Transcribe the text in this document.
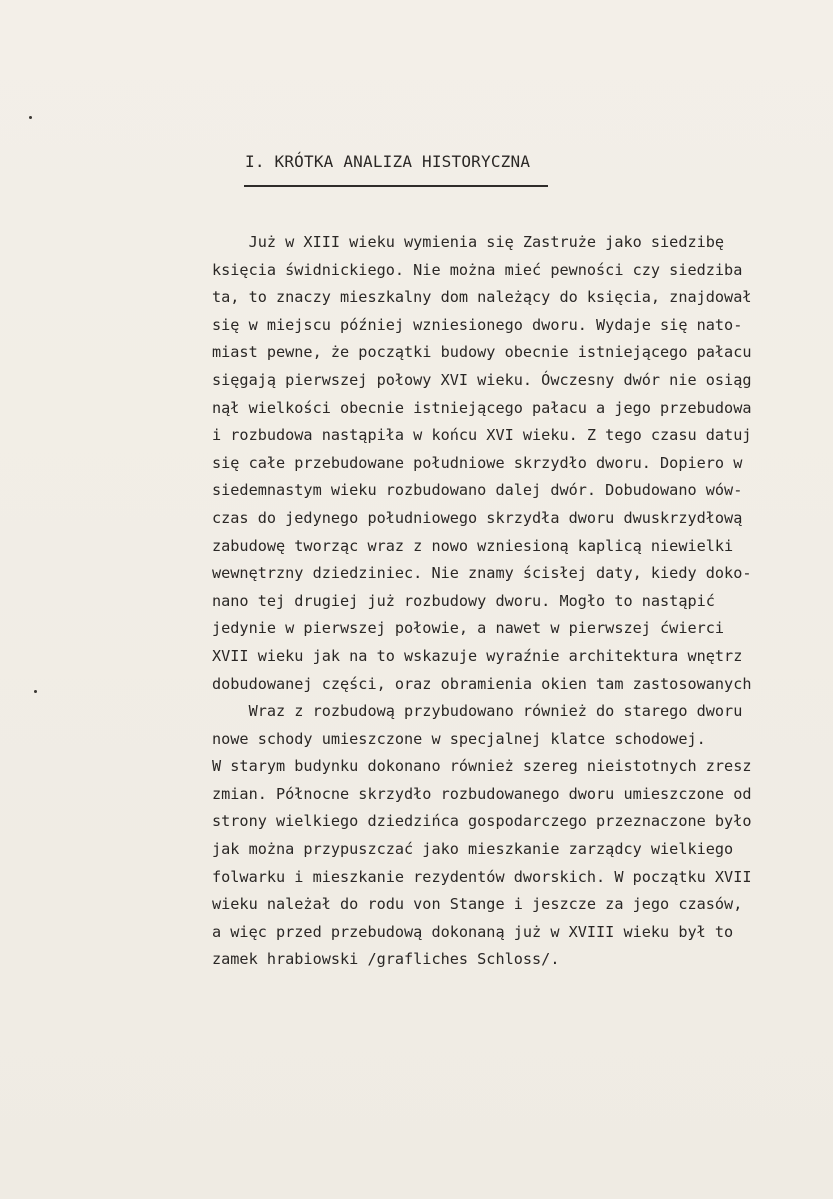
I. KRÓTKA ANALIZA HISTORYCZNA
Już w XIII wieku wymienia się Zastruże jako siedzibę
księcia świdnickiego. Nie można mieć pewności czy siedziba
ta, to znaczy mieszkalny dom należący do księcia, znajdował
się w miejscu później wzniesionego dworu. Wydaje się nato-
miast pewne, że początki budowy obecnie istniejącego pałacu
sięgają pierwszej połowy XVI wieku. Ówczesny dwór nie osiąg
nął wielkości obecnie istniejącego pałacu a jego przebudowa
i rozbudowa nastąpiła w końcu XVI wieku. Z tego czasu datuj
się całe przebudowane południowe skrzydło dworu. Dopiero w
siedemnastym wieku rozbudowano dalej dwór. Dobudowano wów-
czas do jedynego południowego skrzydła dworu dwuskrzydłową
zabudowę tworząc wraz z nowo wzniesioną kaplicą niewielki
wewnętrzny dziedziniec. Nie znamy ścisłej daty, kiedy doko-
nano tej drugiej już rozbudowy dworu. Mogło to nastąpić
jedynie w pierwszej połowie, a nawet w pierwszej ćwierci
XVII wieku jak na to wskazuje wyraźnie architektura wnętrz
dobudowanej części, oraz obramienia okien tam zastosowanych
Wraz z rozbudową przybudowano również do starego dworu
nowe schody umieszczone w specjalnej klatce schodowej.
W starym budynku dokonano również szereg nieistotnych zresz
zmian. Północne skrzydło rozbudowanego dworu umieszczone od
strony wielkiego dziedzińca gospodarczego przeznaczone było
jak można przypuszczać jako mieszkanie zarządcy wielkiego
folwarku i mieszkanie rezydentów dworskich. W początku XVII
wieku należał do rodu von Stange i jeszcze za jego czasów,
a więc przed przebudową dokonaną już w XVIII wieku był to
zamek hrabiowski /grafliches Schloss/.
